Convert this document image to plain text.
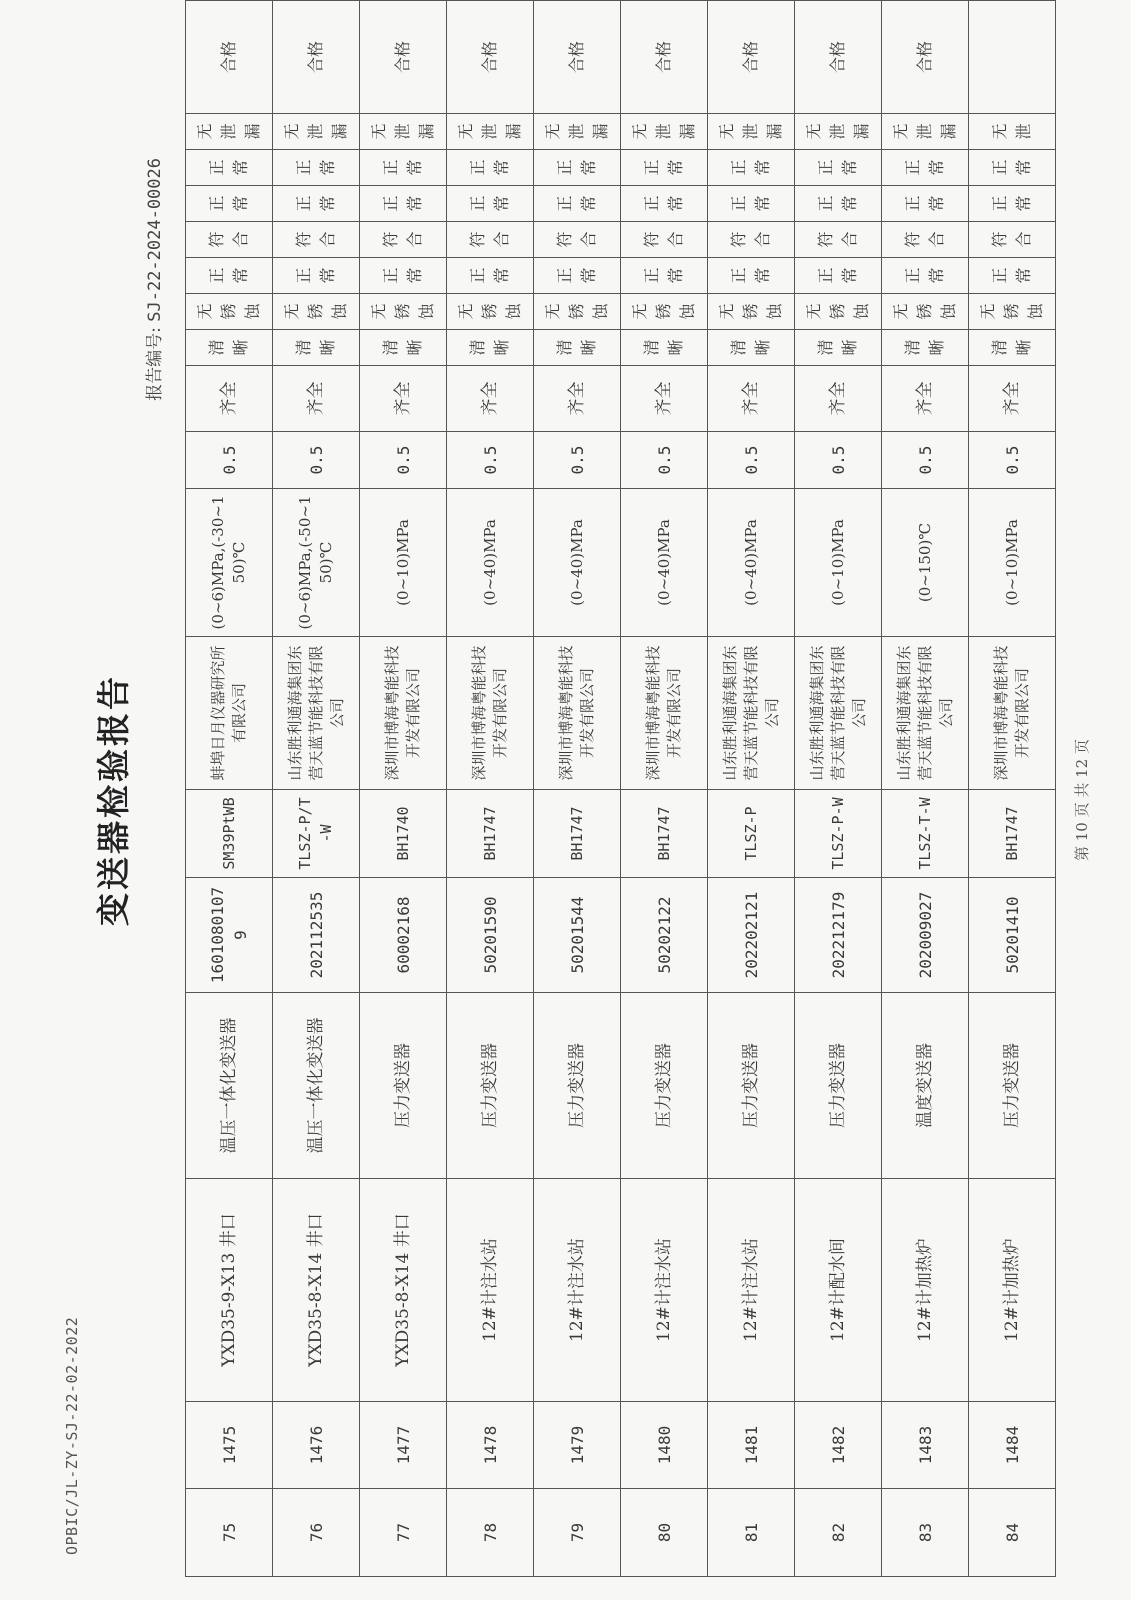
OPBIC/JL-ZY-SJ-22-02-2022
变送器检验报告
报告编号: SJ-22-2024-00026
75	1475	YXD35-9-X13 井口	温压一体化变送器	16010801079	SM39PtWB	蚌埠日月仪器研究所有限公司	(0~6)MPa,(-30~150)℃	0.5	齐全	清晰	无锈蚀	正常	符合	正常	正常	无泄漏	合格

76	1476	YXD35-8-X14 井口	温压一体化变送器	202112535	TLSZ-P/T-W	山东胜利通海集团东营天蓝节能科技有限公司	(0~6)MPa,(-50~150)℃	0.5	齐全	清晰	无锈蚀	正常	符合	正常	正常	无泄漏	合格

77	1477	YXD35-8-X14 井口	压力变送器	60002168	BH1740	深圳市博海粤能科技开发有限公司	(0~10)MPa	0.5	齐全	清晰	无锈蚀	正常	符合	正常	正常	无泄漏	合格

78	1478	12#计注水站	压力变送器	50201590	BH1747	深圳市博海粤能科技开发有限公司	(0~40)MPa	0.5	齐全	清晰	无锈蚀	正常	符合	正常	正常	无泄漏	合格

79	1479	12#计注水站	压力变送器	50201544	BH1747	深圳市博海粤能科技开发有限公司	(0~40)MPa	0.5	齐全	清晰	无锈蚀	正常	符合	正常	正常	无泄漏	合格

80	1480	12#计注水站	压力变送器	50202122	BH1747	深圳市博海粤能科技开发有限公司	(0~40)MPa	0.5	齐全	清晰	无锈蚀	正常	符合	正常	正常	无泄漏	合格

81	1481	12#计注水站	压力变送器	202202121	TLSZ-P	山东胜利通海集团东营天蓝节能科技有限公司	(0~40)MPa	0.5	齐全	清晰	无锈蚀	正常	符合	正常	正常	无泄漏	合格

82	1482	12#计配水间	压力变送器	202212179	TLSZ-P-W	山东胜利通海集团东营天蓝节能科技有限公司	(0~10)MPa	0.5	齐全	清晰	无锈蚀	正常	符合	正常	正常	无泄漏	合格

83	1483	12#计加热炉	温度变送器	202009027	TLSZ-T-W	山东胜利通海集团东营天蓝节能科技有限公司	(0~150)℃	0.5	齐全	清晰	无锈蚀	正常	符合	正常	正常	无泄漏	合格

84	1484	12#计加热炉	压力变送器	50201410	BH1747	深圳市博海粤能科技开发有限公司	(0~10)MPa	0.5	齐全	清晰	无锈蚀	正常	符合	正常	正常	无泄	

第 10 页 共 12 页
